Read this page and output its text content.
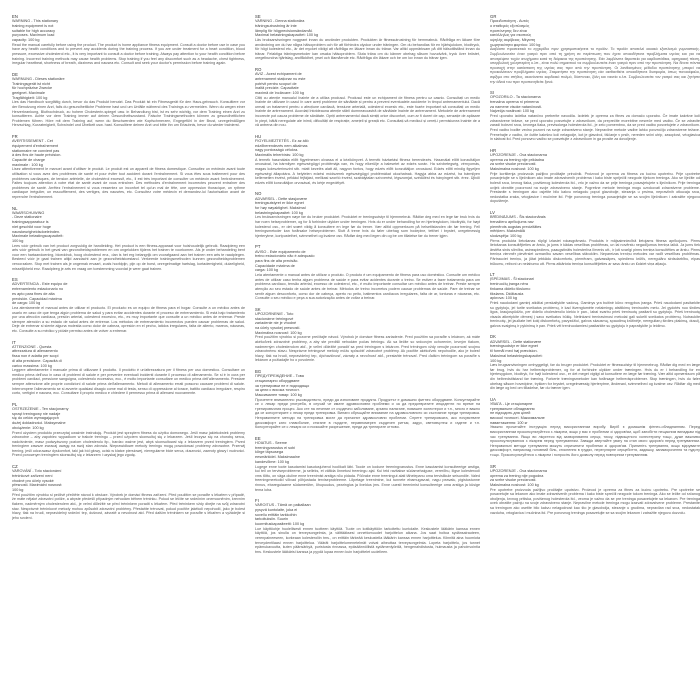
EN
WARNING - This stationary
training equipment is not
suitable for high accuracy
purposes. Maximum load
capacity: 100 kg
Read the manual carefully before using the product. The product is home appliance fitness equipment. Consult a doctor before use in case you have any health conditions and to prevent any accidents during the training process. If you are under treatment for a heart condition, blood pressure, excessive cholesterol etc., it is very important to consult a doctor before training. Always pay attention to your health condition before training. Incorrect training methods may cause health problems. Stop training if you feel any discomfort such as a headache, chest tightness, irregular heartbeat, shortness of breath, dizziness and nausea etc. Consult and seek your doctor's permission before training again.
DE
WARNUNG - Dieses stationäre
Trainingsgerät ist nicht
für hochpräzise Zwecke
geeignet. Maximale
Tragfähigkeit: 100 kg
Lies das Handbuch sorgfältig durch, bevor du das Produkt benutzt. Das Produkt ist ein Fitnessgerät für den Haus-gebrauch. Konsultiere vor der Benutzung einen Arzt, falls du gesundheitliche Probleme hast und um Unfälle während des Trainings zu vermeiden. Wenn du wegen einer Herzerkrankung, Bluthochdruck, zu hohem Cholesterin-spiegel usw. in Behandlung bist, ist es sehr wichtig, vor dem Training einen Arzt zu konsultieren. Achte vor dem Training immer auf deinen Gesundheitszustand. Falsche Trainingsmethoden können zu gesundheitlichen Problemen führen. Höre mit dem Training auf, wenn du Beschwerden wie Kopfschmerzen, Engegefühl in der Brust, unregelmäßigen Herzschlag, Kurzatmigkeit, Schwindel und Übelkeit usw. hast. Konsultiere deinen Arzt und bitte ihn um Erlaubnis, bevor du wieder trainierst.
FR
AVERTISSEMENT - Cet
équipement d'entraînement
stationnaire ne convient pas
à des fins de haute précision.
Capacité de charge
maximale : 100 kg
Lisez attentivement le manuel avant d'utiliser le produit. Le produit est un appareil de fitness domestique. Consultez un médecin avant toute utilisation si vous avez des problèmes de santé et pour éviter tout accident durant l'entraînement. Si vous êtes sous traitement pour des problèmes cardiaques, de tension artérielle, de cholestérol excessif, etc., il est très important de consulter un médecin avant l'entraînement. Faites toujours attention à votre état de santé avant de vous entraîner. Des méthodes d'entraînement incorrectes peuvent entraîner des problèmes de santé. Arrêtez l'entraînement si vous ressentez un inconfort tel qu'un mal de tête, une oppression thoracique, un rythme cardiaque irrégulier, un essoufflement, des vertiges, des nausées, etc. Consultez votre médecin et demandez-lui l'autorisation avant de reprendre l'entraînement.
NL
WAARSCHUWING
- Deze stationaire
trainingsapparatuur is
niet geschikt voor hoge
nauwkeurigheidsdoeleinden.
Maximale belastingscapaciteit:
100 kg
Lees vóór gebruik van het product zorgvuldig de handleiding. Het product is een fitness-apparaat voor huishoudelijk gebruik. Raadpleeg een arts vóór gebruik in het geval van gezondheidsproblemen en om ongelukken tijdens het trainen te voorkomen. Als je onder behandeling bent voor een hartaandoening, bloeddruk, hoog cholesterol enz., dan is het erg belangrijk om voorafgaand aan het trainen een arts te raadplegen. Besteed vóór je gaat trainen altijd aandacht aan je gezondheidstoestand. Verkeerde trainingsmethoden kunnen gezondheidsproblemen veroorzaken. Stop met trainen als je ongemak ervaart, zoals hoofdpijn, pijn op de borst, onregelmatige hartslag, kortademigheid, duizeligheid, misselijkheid enz. Raadpleeg je arts en vraag om toestemming voordat je weer gaat trainen.
ES
ADVERTENCIA - Este equipo de
entrenamiento estacionario no
es apto para fines de alta
precisión. Capacidad máxima
de carga: 100 kg
Lea atentamente el manual antes de utilizar el producto. El producto es un equipo de fitness para el hogar. Consulte a un médico antes de usarlo en caso de que tenga algún problema de salud y para evitar accidentes durante el proceso de entrenamiento. Si está bajo tratamiento por una afección cardíaca, presión arterial, colesterol excesivo, etc., es muy importante que consulte a un médico antes de entrenar. Preste siempre atención a su estado de salud antes de entrenar. Los métodos de entrenamiento incorrectos pueden causar problemas de salud. Deje de entrenar si siente alguna molestia como dolor de cabeza, opresión en el pecho, latidos irregulares, falta de aliento, mareos, náuseas, etc. Consulte a su médico y pídale permiso antes de volver a entrenar.
IT
ATTENZIONE - Questa
attrezzatura di allenamento
fissa non è adatta per scopi
di alta precisione. Capacità di
carico massima: 100 kg
Leggere attentamente il manuale prima di utilizzare il prodotto. Il prodotto è un'attrezzatura per il fitness per uso domestico. Consultare un medico prima dell'uso in caso di problemi di salute e per prevenire eventuali incidenti durante il processo di allenamento. Se si è in cura per problemi cardiaci, pressione sanguigna, colesterolo eccessivo, ecc., è molto importante consultare un medico prima dell'allenamento. Prestare sempre attenzione alle proprie condizioni di salute prima dell'allenamento. Metodi di allenamento errati possono causare problemi di salute. Interrompere l'allenamento se si avverte qualsiasi disagio come mal di testa, senso di oppressione al torace, battito cardiaco irregolare, respiro corto, vertigini e nausea, ecc. Consultare il proprio medico e chiedere il permesso prima di allenarsi nuovamente.
PL
OSTRZEŻENIE - Ten stacjonarny
sprzęt treningowy nie nadaje
się do celów wymagających
dużej dokładności. Maksymalne
obciążenie: 100 kg
Przed użyciem produktu przeczytaj uważnie instrukcję. Produkt jest sprzętem fitness do użytku domowego. Jeśli masz jakiekolwiek problemy zdrowotne – aby zapobiec wypadkom w trakcie treningu – przed użyciem skonsultuj się z lekarzem. Jeśli leczysz się na chorobę serca, nadciśnienie, masz podwyższony poziom cholesterolu itp., bardzo ważne jest, abyś skonsultował się z lekarzem przed treningiem. Przed treningiem zawsze zwracaj uwagę na swój stan zdrowia. Nieprawidłowe metody treningu mogą powodować problemy zdrowotne. Przerwij trening, jeśli odczuwasz dyskomfort, taki jak ból głowy, ucisk w klatce piersiowej, nieregularne bicie serca, duszność, zawroty głowy i nudności. Przed ponownym treningiem skonsultuj się z lekarzem i uzyskaj jego zgodę.
CZ
VAROVÁNÍ - Toto stacionární
tréninkové zařízení není
vhodné pro účely vysoké
přesnosti. Maximální nosnost:
100 kg
Před použitím výrobku si pečlivě přečtěte návod k obsluze. Výrobek je domácí fitness zařízení. Před použitím se poraďte s lékařem v případě, že máte nějaké zdravotní potíže, a abyste předešli případným nehodám během tréninku. Pokud se léčíte se srdečním onemocněním, krevním tlakem, nadměrným cholesterolem atd., je velmi důležité se před tréninkem poradit s lékařem. Před tréninkem vždy dbejte na svůj zdravotní stav. Nesprávné tréninkové metody mohou způsobit zdravotní problémy. Přestaňte trénovat, pokud pocítíte jakékoli nepohodlí, jako je bolest hlavy, tlak na hrudi, nepravidelný srdeční tep, dušnost, závratě a nevolnost atd. Před dalším tréninkem se poraďte s lékařem a vyžádejte si jeho svolení.
SE
VARNING - Denna stationära
träningsutrustning är inte
lämplig för högprecisionsändamål.
Maximal belastningskapacitet: 100 kg
Läs bruksanvisningen noggrant innan du använder produkten. Produkten är fitnessutrustning för hemmabruk. Rådfråga en läkare före användning om du har några hälsoproblem och för att förhindra olyckor under träningen. Om du behandlas för en hjärtsjukdom, blodtryck, för högt kolesterol etc., är det mycket viktigt att rådfråga en läkare innan du tränar. Var alltid uppmärksam på ditt hälsotillstånd innan du tränar. Felaktiga träningsmetoder kan orsaka hälsoproblem. Sluta träna om du känner obehag såsom huvudvärk, tryck över bröstet, oregelbundna hjärtslag, andfåddhet, yrsel och illamående etc. Rådfråga din läkare och be om lov innan du tränar igen.
RO
AVIZ - Acest echipament de
antrenament staționar nu este
potrivit pentru scopuri de
înaltă precizie. Capacitate
maximă de încărcare: 100 kg
Citiți cu atenție manualul înainte de a utiliza produsul. Produsul este un echipament de fitness pentru uz casnic. Consultați un medic înainte de utilizare în cazul în care aveți probleme de sănătate și pentru a preveni eventualele accidente în timpul antrenamentului. Dacă urmați un tratament pentru o afecțiune cardiacă, tensiune arterială, colesterol excesiv etc., este foarte important să consultați un medic înainte de antrenament. Acordați întotdeauna atenție stării dumneavoastră de sănătate înainte de antrenament. Metodele de antrenament incorecte pot cauza probleme de sănătate. Opriți antrenamentul dacă simțiți orice disconfort, cum ar fi dureri de cap, senzație de apăsare în piept, bătăi neregulate ale inimii, dificultăți de respirație, amețeli și greață etc. Consultați-vă medicul și cereți-i permisiunea înainte de a vă antrena din nou.
HU
FIGYELMEZTETÉS - Ez az álló
edzőberendezés nem alkalmas
nagy pontosságú célokra.
Maximális teherbírás: 100 kg
A termék használata előtt figyelmesen olvassa el a kézikönyvet. A termék háztartási fitnesz berendezés. Használat előtt konzultáljon orvosával, ha bármilyen egészségügyi problémája van, és hogy elkerülje a balesetet az edzés során. Ha szívbetegség, vérnyomás, magas koleszterinszint stb. miatt kezelés alatt áll, nagyon fontos, hogy edzés előtt konzultáljon orvosával. Edzés előtt mindig figyeljen egészségi állapotára. A helytelen edzési módszerek egészségügyi problémákat okozhatnak. Hagyja abba az edzést, ha bármilyen kellemetlen érzést, például fejfájást, mellkasi szorító érzést, szabálytalan szívverést, légszomjat, szédülést és hányingert stb. érez. Újbóli edzés előtt konzultáljon orvosával, és kérje engedélyét.
NO
ADVARSEL - Dette stasjonære
treningsutstyret er ikke egnet
for høy nøyaktighet. Maksimal
belastningskapasitet: 100 kg
Les bruksanvisningen nøye før du bruker produktet. Produktet er treningsutstyr til hjemmebruk. Rådfør deg med en lege før bruk hvis du har noen helseproblemer, og for å forhindre ulykker under treningen. Hvis du er under behandling for en hjertesykdom, blodtrykk, for høyt kolesterol osv., er det svært viktig å konsultere en lege før du trener. Vær alltid oppmerksom på helsetilstanden din før trening. Feil treningsmetoder kan forårsake helseproblemer. Slutt å trene hvis du føler ubehag som hodepine, tetthet i brystet, uregelmessig hjerterytme, kortpustethet, svimmelhet og kvalme osv. Rådfør deg med legen din og be om tillatelse før du trener igjen.
PT
AVISO - Este equipamento de
treino estacionário não é adequado
para fins de alta precisão.
Capacidade máxima de
carga: 100 kg
Leia atentamente o manual antes de utilizar o produto. O produto é um equipamento de fitness para uso doméstico. Consulte um médico antes de utilizar caso tenha algum problema de saúde e para evitar acidentes durante o treino. Se estiver a fazer tratamento para um problema cardíaco, tensão arterial, excesso de colesterol, etc., é muito importante consultar um médico antes de treinar. Preste sempre atenção ao seu estado de saúde antes de treinar. Métodos de treino incorretos podem causar problemas de saúde. Pare de treinar se sentir algum desconforto, como dor de cabeça, aperto no peito, batimentos cardíacos irregulares, falta de ar, tonturas e náuseas, etc. Consulte o seu médico e peça a sua autorização antes de voltar a treinar.
SK
UPOZORNENIE - Toto
stacionárne tréningové
zariadenie nie je vhodné
na účely vysokej presnosti.
Maximálna nosnosť: 100 kg
Pred použitím výrobku si pozorne prečítajte návod. Výrobok je domáce fitness zariadenie. Pred použitím sa poraďte s lekárom, ak máte akékoľvek zdravotné problémy, a aby ste predišli nehodám počas tréningu. Ak sa liečite so srdcovým ochorením, krvným tlakom, nadmerným cholesterolom atď., je veľmi dôležité poradiť sa pred tréningom s lekárom. Pred tréningom vždy venujte pozornosť svojmu zdravotnému stavu. Nesprávne tréningové metódy môžu spôsobiť zdravotné problémy. Ak pocítite akékoľvek nepohodlie, ako je bolesť hlavy, tlak na hrudi, nepravidelný tep, dýchavičnosť, závraty a nevoľnosť atď., prestaňte trénovať. Pred ďalším tréningom sa poraďte s lekárom a požiadajte ho o povolenie.
BG
ПРЕДУПРЕЖДЕНИЕ - Това
стационарно оборудване
за тренировки не е подходящо
за цели с висока точност.
Максимален товар: 100 kg
Прочетете внимателно ръководството, преди да използвате продукта. Продуктът е домашно фитнес оборудване. Консултирайте се с лекар преди употреба, в случай че имате здравословни проблеми и за да предотвратите инциденти по време на тренировъчния процес. Ако сте на лечение от сърдечно заболяване, кръвно налягане, повишен холестерол и т.н., много е важно да се консултирате с лекар преди тренировка. Винаги обръщайте внимание на здравословното си състояние преди тренировка. Неправилните методи на тренировка могат да причинят здравословни проблеми. Спрете тренировката, ако почувствате дискомфорт като главоболие, стягане в гърдите, неравномерен сърдечен ритъм, задух, световъртеж и гадене и т.н. Консултирайте се с лекаря си и поискайте разрешение, преди да тренирате отново.
EE
HOIATUS - Seeme
treeningvarustus ei sobi
kõrge täpsusega
eesmärkidel. Maksimaalne
kandevõime: 100 kg
Lugege enne toote kasutamist kasutusjuhend hoolikalt läbi. Toode on kodune treeningvarustus. Enne kasutamist konsulteerige arstiga, kui teil on terviseprobleeme, ja selleks, et vältida õnnetusi treeningu ajal. Kui teid ravitakse südamehaiguse, vererõhu, liigse kolesterooli vms tõttu, on väga oluline enne treenimist arstiga nõu pidada. Pöörake enne treeningut alati tähelepanu oma tervislikule seisundile. Valed treeningmeetodid võivad põhjustada terviseprobleeme. Lõpetage treenimine, kui tunnete ebamugavust, nagu peavalu, pigistustunne rinnus, ebaregulaarne südamerütm, õhupuudus, pearinglus ja iiveldus jms. Enne uuesti treenimist konsulteerige oma arstiga ja küsige tema luba.
FI
VAROITUS - Tämä on paikallaan
pysyvä kuntolaite, joka ei
sovellu erittäin tarkkoihin
tarkoituksiin. Suurin
kuormituskapasiteetti: 100 kg
Lue käyttöohje huolellisesti ennen tuotteen käyttöä. Tuote on kotikäyttöön tarkoitettu kuntolaite. Keskustele lääkärin kanssa ennen käyttöä, jos sinulla on terveysongelmia, ja välttääksesi onnettomuudet harjoittelun aikana. Jos saat hoitoa sydänsairauteen, verenpaineeseen, korkeaan kolesteroliin tms., on erittäin tärkeää keskustella lääkärin kanssa ennen harjoittelua. Kiinnitä aina huomiota terveydentilaasi ennen harjoittelua. Väärät harjoittelumenetelmät voivat aiheuttaa terveysongelmia. Lopeta harjoittelu, jos tunnet epämukavuutta, kuten päänsärkyä, puristusta rinnassa, epäsäännöllistä sydämenlyöntiä, hengenahdistusta, huimausta ja pahoinvointia tms. Keskustele lääkärisi kanssa ja pyydä lupaa ennen kuin harjoittelet uudelleen.
GR
Προειδοποίηση - Αυτός
ο σταθερός εξοπλισμός
προπόνησης δεν είναι
κατάλληλος για σκοπούς
υψηλής ακρίβειας. Μέγιστη
χωρητικότητα φορτίου: 100 kg
Διαβάστε προσεκτικά το εγχειρίδιο πριν χρησιμοποιήσετε το προϊόν. Το προϊόν αποτελεί οικιακό εξοπλισμό γυμναστικής. Συμβουλευτείτε έναν γιατρό πριν από τη χρήση σε περίπτωση που έχετε οποιαδήποτε προβλήματα υγείας και για να αποτρέψετε τυχόν ατυχήματα κατά τη διάρκεια της προπόνησης. Εάν λαμβάνετε θεραπεία για καρδιοπάθεια, αρτηριακή πίεση, υπερβολική χοληστερίνη κ.λπ., είναι πολύ σημαντικό να συμβουλευτείτε έναν γιατρό πριν από την προπόνηση. Να δίνετε πάντα προσοχή στην κατάσταση της υγείας σας πριν από την προπόνηση. Οι λανθασμένες μέθοδοι προπόνησης μπορεί να προκαλέσουν προβλήματα υγείας. Σταματήστε την προπόνηση εάν αισθανθείτε οποιαδήποτε δυσφορία, όπως πονοκέφαλο, σφίξιμο στο στήθος, ακανόνιστο καρδιακό παλμό, δύσπνοια, ζάλη και ναυτία κ.λπ. Συμβουλευτείτε τον γιατρό σας και ζητήστε την άδειά του πριν προπονηθείτε ξανά.
SI
OPOZORILO - Ta stacionarna
trenažna oprema ni primerna
za namene visoke natančnosti.
Največja nosilnost: 100 kg
Pred uporabo izdelka natančno preberite navodila. Izdelek je oprema za fitnes za domačo uporabo. Če imate kakršne koli zdravstvene težave, se pred uporabo posvetujte z zdravnikom, da preprečite morebitne nesreče med vadbo. Če se zdravite zaradi bolezni srca, krvnega tlaka, previsokega holesterola itd., je zelo pomembno, da se pred vadbo posvetujete z zdravnikom. Pred vadbo bodite vedno pozorni na svoje zdravstveno stanje. Nepravilne metode vadbe lahko povzročijo zdravstvene težave. Prenehajte z vadbo, če čutite kakršno koli nelagodje, kot je glavobol, tiščanje v prsih, nereden srčni utrip, zasoplost, vrtoglavica in slabost itd. Pred ponovno vadbo se posvetujte z zdravnikom in ga prosite za dovoljenje.
HR
UPOZORENJE - Ova stacionarna
oprema za trening nije prikladna
za svrhe visoke preciznosti.
Maksimalna nosivost: 100 kg
Prije korištenja proizvoda pažljivo pročitajte priručnik. Proizvod je oprema za fitness za kućnu upotrebu. Prije upotrebe posavjetujte se s liječnikom ako imate zdravstvenih problema i kako biste spriječili nezgode tijekom treninga. Ako se liječite od bolesti srca, krvnog tlaka, povišenog kolesterola itd., vrlo je važno da se prije treninga posavjetujete s liječnikom. Prije treninga uvijek obratite pozornost na svoje zdravstveno stanje. Pogrešne metode treninga mogu uzrokovati zdravstvene probleme. Prestanite s treningom ako osjetite bilo kakvu nelagodu poput glavobolje, stezanja u prsima, nepravilnih otkucaja srca, nedostatka zraka, vrtoglavice i mučnine itd. Prije ponovnog treninga posavjetujte se sa svojim liječnikom i zatražite njegovo dopuštenje.
LV
BRĪDINĀJUMS - Šis stacionārais
trenažieru aprīkojums nav
piemērots augstas precizitātes
mērķiem. Maksimālā
slodzspēja: 100 kg
Pirms produkta lietošanas rūpīgi izlasiet rokasgrāmatu. Produkts ir mājsaimniecībā lietojams fitnesa aprīkojums. Pirms lietošanas konsultējieties ar ārstu, ja jums ir kādas veselības problēmas, un lai novērstu negadījumus treniņa laikā. Ja jums tiek ārstēta sirds slimība, asinsspiediens, paaugstināts holesterīna līmenis utt., ir ļoti svarīgi pirms treniņa konsultēties ar ārstu. Pirms treniņa vienmēr pievērsiet uzmanību savam veselības stāvoklim. Nepareizas treniņu metodes var radīt veselības problēmas. Pārtrauciet treniņu, ja jūtat jebkādu diskomfortu, piemēram, galvassāpes, spiedienu krūtīs, neregulāru sirdsdarbību, elpas trūkumu, reiboni un nelabumu utt. Pirms atkārtota treniņa konsultējieties ar savu ārstu un lūdziet viņa atļauju.
LT
ĮSPĖJIMAS - Ši stacionari
treniruočių įranga nėra
tinkama didelio tikslumo
tikslams. Didžiausia
apkrova: 100 kg
Prieš naudodami gaminį atidžiai perskaitykite vadovą. Gaminys yra buitinė kūno rengybos įranga. Prieš naudodami pasitarkite su gydytoju, jei turite sveikatos problemų, ir kad išvengtumėte nelaimingų atsitikimų treniruotės metu. Jei gydotės nuo širdies ligos, kraujospūdžio, per didelio cholesterolio kiekio ir pan., labai svarbu prieš treniruotę pasitarti su gydytoju. Prieš treniruotę visada atkreipkite dėmesį į savo sveikatos būklę. Netinkami treniravimosi metodai gali sukelti sveikatos problemų. Nutraukite treniruotę, jei jaučiate bet kokį diskomfortą, pavyzdžiui, galvos skausmą, spaudimą krūtinėje, nereguliarų širdies plakimą, dusulį, galvos svaigimą ir pykinimą ir pan. Prieš vėl treniruodamiesi pasitarkite su gydytoju ir paprašykite jo leidimo.
DK
ADVARSEL - Dette stationære
træningsudstyr er ikke egnet
til formål med høj præcision.
Maksimal belastningskapacitet:
100 kg
Læs brugsanvisningen omhyggeligt, før du bruger produktet. Produktet er fitnessudstyr til hjemmebrug. Rådfør dig med en læge før brug, hvis du har helbredsproblemer, og for at forhindre ulykker under træningen. Hvis du er i behandling for en hjertesygdom, blodtryk, for højt kolesterol osv., er det meget vigtigt at konsultere en læge før træning. Vær altid opmærksom på din helbredstilstand før træning. Forkerte træningsmetoder kan forårsage helbredsproblemer. Stop træningen, hvis du føler ubehag såsom hovedpine, trykken for brystet, uregelmæssig hjerterytme, åndenød, svimmelhed og kvalme osv. Rådfør dig med din læge og bed om tilladelse, før du træner igen.
UA
УВАГА - Це стаціонарне
тренувальне обладнання
не підходить для цілей
високої точності. Максимальне
навантаження: 100 кг
Уважно прочитайте інструкцію перед використанням виробу. Виріб є домашнім фітнес-обладнанням. Перед використанням проконсультуйтеся з лікарем, якщо у вас є проблеми зі здоров'ям, щоб запобігти нещасним випадкам під час тренування. Якщо ви лікуєтеся від захворювання серця, тиску, підвищеного холестерину тощо, дуже важливо проконсультуватися з лікарем перед тренуванням. Завжди звертайте увагу на стан свого здоров'я перед тренуванням. Неправильні методи тренування можуть спричинити проблеми зі здоров'ям. Припиніть тренування, якщо відчуваєте дискомфорт, наприклад головний біль, стиснення в грудях, нерегулярне серцебиття, задишку, запаморочення та нудоту тощо. Проконсультуйтеся з лікарем і попросіть його дозволу перед повторним тренуванням.
SR
UPOZORENJE - Ova stacionarna
oprema za trening nije pogodna
za svrhe visoke preciznosti.
Maksimalna nosivost: 100 kg
Pre upotrebe proizvoda pažljivo pročitajte uputstvo. Proizvod je oprema za fitnes za kućnu upotrebu. Pre upotrebe se posavetujte sa lekarom ako imate zdravstvenih problema i kako biste sprečili nezgode tokom treninga. Ako se lečite od srčanog oboljenja, krvnog pritiska, povišenog holesterola itd., veoma je važno da se pre treninga posavetujete sa lekarom. Pre treninga uvek obratite pažnju na svoje zdravstveno stanje. Nepravilne metode treninga mogu izazvati zdravstvene probleme. Prestanite sa treningom ako osetite bilo kakvu nelagodnost kao što je glavobolja, stezanje u grudima, nepravilan rad srca, nedostatak vazduha, vrtoglavica i mučnina itd. Pre ponovnog treninga posavetujte se sa svojim lekarom i zatražite njegovu dozvolu.
